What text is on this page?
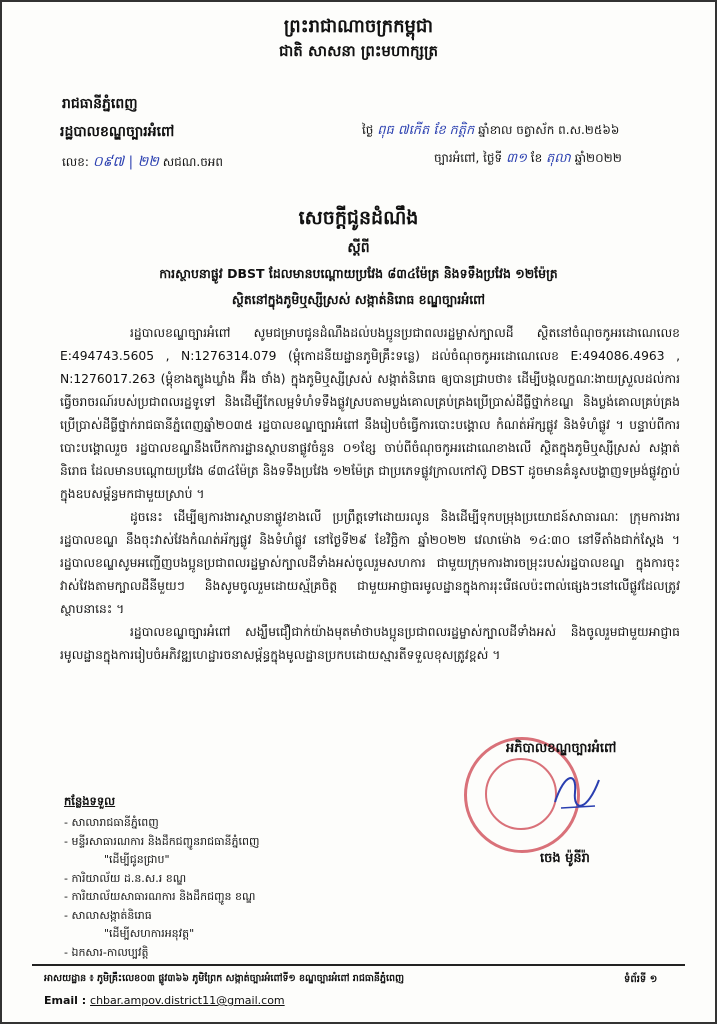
ព្រះរាជាណាចក្រកម្ពុជា
ជាតិ សាសនា ព្រះមហាក្សត្រ
រាជធានីភ្នំពេញ
រដ្ឋបាលខណ្ឌច្បារអំពៅ
លេខ: ០៩៧ | ២២ សជណ.ចអព
ថ្ងៃ ពុធ ៧កើត ខែ កត្តិក ឆ្នាំខាល ចត្វាស័ក ព.ស.២៥៦៦
ច្បារអំពៅ, ថ្ងៃទី ៣១ ខែ តុលា ឆ្នាំ២០២២
សេចក្តីជូនដំណឹង
ស្តីពី
ការស្ថាបនាផ្លូវ DBST ដែលមានបណ្តោយប្រវែង ៨៣៤ម៉ែត្រ និងទទឹងប្រវែង ១២ម៉ែត្រ
ស្ថិតនៅក្នុងភូមិឬស្សីស្រស់ សង្កាត់និរោធ ខណ្ឌច្បារអំពៅ

រដ្ឋបាលខណ្ឌច្បារអំពៅ សូមជម្រាបជូនដំណឹងដល់បងប្អូនប្រជាពលរដ្ឋម្ចាស់ក្បាលដី ស្ថិតនៅចំណុចកូអរដោណេលេខ E:494743.5605 , N:1276314.079 (ម្តុំកោដនីយដ្ឋានភូមិគ្រឹះទន្លេ) ដល់ចំណុចកូអរដោណេលេខ E:494086.4963 , N:1276017.263 (ម្តុំខាងត្បូងឃ្លាំង អ៊ីង ថាំង) ក្នុងភូមិឬស្សីស្រស់ សង្កាត់និរោធ ឲ្យបានជ្រាបថា៖ ដើម្បីបង្កលក្ខណៈងាយស្រួលដល់ការធ្វើចរាចរណ៍របស់ប្រជាពលរដ្ឋទូទៅ និងដើម្បីកែលម្អទំហំទទឹងផ្លូវស្របតាមប្លង់គោលគ្រប់គ្រងប្រើប្រាស់ដីធ្លីថ្នាក់ខណ្ឌ និងប្លង់គោលគ្រប់គ្រងប្រើប្រាស់ដីធ្លីថ្នាក់រាជធានីភ្នំពេញឆ្នាំ២០៣៥ រដ្ឋបាលខណ្ឌច្បារអំពៅ នឹងរៀបចំធ្វើការបោះបង្គោល កំណត់អ័ក្សផ្លូវ និងទំហំផ្លូវ ។ បន្ទាប់ពីការបោះបង្គោលរួច រដ្ឋបាលខណ្ឌនឹងបើកការដ្ឋានស្ថាបនាផ្លូវចំនួន ០១ខ្សែ ចាប់ពីចំណុចកូអរដោណេខាងលើ ស្ថិតក្នុងភូមិឬស្សីស្រស់ សង្កាត់និរោធ ដែលមានបណ្តោយប្រវែង ៨៣៤ម៉ែត្រ និងទទឹងប្រវែង ១២ម៉ែត្រ ជាប្រភេទផ្លូវក្រាលកៅស៊ូ DBST ដូចមានគំនូសបង្ហាញទម្រង់ផ្លូវភ្ជាប់ក្នុងឧបសម្ព័ន្ធមកជាមួយស្រាប់ ។

ដូចនេះ ដើម្បីឲ្យការងារស្ថាបនាផ្លូវខាងលើ ប្រព្រឹត្តទៅដោយរលូន និងដើម្បីទុកបម្រុងប្រយោជន៍សាធារណៈ ក្រុមការងាររដ្ឋបាលខណ្ឌ នឹងចុះវាស់វែងកំណត់អ័ក្សផ្លូវ និងទំហំផ្លូវ នៅថ្ងៃទី២៩ ខែវិច្ឆិកា ឆ្នាំ២០២២ វេលាម៉ោង ១៤:៣០ នៅទីតាំងជាក់ស្តែង ។ រដ្ឋបាលខណ្ឌសូមអញ្ជើញបងប្អូនប្រជាពលរដ្ឋម្ចាស់ក្បាលដីទាំងអស់ចូលរួមសហការ ជាមួយក្រុមការងារចម្រុះរបស់រដ្ឋបាលខណ្ឌ ក្នុងការចុះវាស់វែងតាមក្បាលដីនីមួយៗ និងសូមចូលរួមដោយស្ម័គ្រចិត្ត ជាមួយអាជ្ញាធរមូលដ្ឋានក្នុងការរុះរើផលប៉ះពាល់ផ្សេងៗនៅលើផ្លូវដែលត្រូវស្ថាបនានេះ ។

រដ្ឋបាលខណ្ឌច្បារអំពៅ សង្ឃឹមជឿជាក់យ៉ាងមុតមាំថាបងប្អូនប្រជាពលរដ្ឋម្ចាស់ក្បាលដីទាំងអស់ និងចូលរួមជាមួយអាជ្ញាធរមូលដ្ឋានក្នុងការរៀបចំអភិវឌ្ឍហេដ្ឋារចនាសម្ព័ន្ធក្នុងមូលដ្ឋានប្រកបដោយស្មារតីទទួលខុសត្រូវខ្ពស់ ។

អភិបាលខណ្ឌច្បារអំពៅ
ចេង ម៉ូនីរ៉ា
កន្លែងទទួល
- សាលារាជធានីភ្នំពេញ
- មន្ទីរសាធារណការ និងដឹកជញ្ជូនរាជធានីភ្នំពេញ
"ដើម្បីជូនជ្រាប"
- ការិយាល័យ ដ.ន.ស.រ ខណ្ឌ
- ការិយាល័យសាធារណការ និងដឹកជញ្ជូន ខណ្ឌ
- សាលាសង្កាត់និរោធ
"ដើម្បីសហការអនុវត្ត"
- ឯកសារ-កាលប្បវត្តិ
អាសយដ្ឋាន ៖ ភូមិគ្រឹះលេខ០៣ ផ្លូវ៣៦៦ ភូមិព្រែក សង្កាត់ច្បារអំពៅទី១ ខណ្ឌច្បារអំពៅ រាជធានីភ្នំពេញ	ទំព័រទី ១
Email : chbar.ampov.district11@gmail.com
